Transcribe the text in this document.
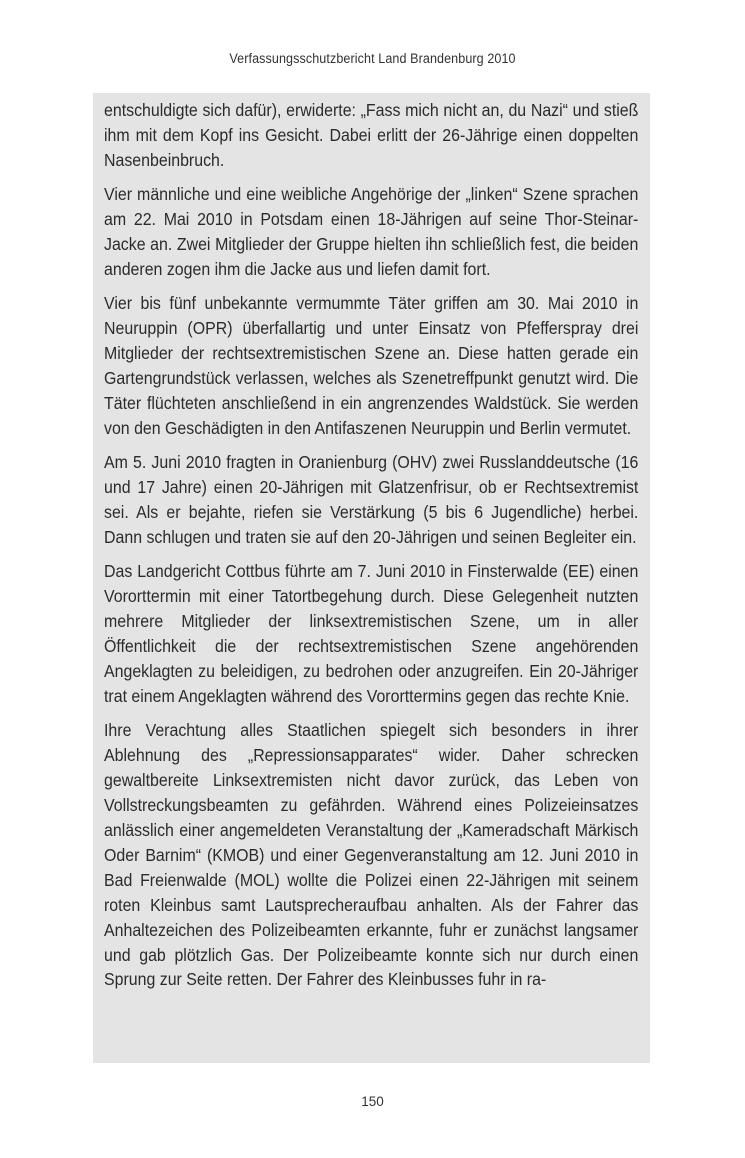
Verfassungsschutzbericht Land Brandenburg 2010

entschuldigte sich dafür), erwiderte: „Fass mich nicht an, du Nazi“ und stieß ihm mit dem Kopf ins Gesicht. Dabei erlitt der 26-Jährige einen doppelten Nasenbeinbruch.

Vier männliche und eine weibliche Angehörige der „linken“ Szene sprachen am 22. Mai 2010 in Potsdam einen 18-Jährigen auf seine Thor-Steinar-Jacke an. Zwei Mitglieder der Gruppe hielten ihn schließlich fest, die beiden anderen zogen ihm die Jacke aus und liefen damit fort.

Vier bis fünf unbekannte vermummte Täter griffen am 30. Mai 2010 in Neuruppin (OPR) überfallartig und unter Einsatz von Pfefferspray drei Mitglieder der rechtsextremistischen Szene an. Diese hatten gerade ein Gartengrundstück verlassen, welches als Szenetreffpunkt genutzt wird. Die Täter flüchteten anschließend in ein angrenzendes Waldstück. Sie werden von den Geschädigten in den Antifaszenen Neuruppin und Berlin vermutet.

Am 5. Juni 2010 fragten in Oranienburg (OHV) zwei Russlanddeutsche (16 und 17 Jahre) einen 20-Jährigen mit Glatzenfrisur, ob er Rechtsextremist sei. Als er bejahte, riefen sie Verstärkung (5 bis 6 Jugendliche) herbei. Dann schlugen und traten sie auf den 20-Jährigen und seinen Begleiter ein.

Das Landgericht Cottbus führte am 7. Juni 2010 in Finsterwalde (EE) einen Vororttermin mit einer Tatortbegehung durch. Diese Gelegenheit nutzten mehrere Mitglieder der linksextremistischen Szene, um in aller Öffentlichkeit die der rechtsextremistischen Szene angehörenden Angeklagten zu beleidigen, zu bedrohen oder anzugreifen. Ein 20-Jähriger trat einem Angeklagten während des Vororttermins gegen das rechte Knie.

Ihre Verachtung alles Staatlichen spiegelt sich besonders in ihrer Ablehnung des „Repressionsapparates“ wider. Daher schrecken gewaltbereite Linksextremisten nicht davor zurück, das Leben von Vollstreckungsbeamten zu gefährden. Während eines Polizeieinsatzes anlässlich einer angemeldeten Veranstaltung der „Kameradschaft Märkisch Oder Barnim“ (KMOB) und einer Gegenveranstaltung am 12. Juni 2010 in Bad Freienwalde (MOL) wollte die Polizei einen 22-Jährigen mit seinem roten Kleinbus samt Lautsprecheraufbau anhalten. Als der Fahrer das Anhaltezeichen des Polizeibeamten erkannte, fuhr er zunächst langsamer und gab plötzlich Gas. Der Polizeibeamte konnte sich nur durch einen Sprung zur Seite retten. Der Fahrer des Kleinbusses fuhr in ra-

150
